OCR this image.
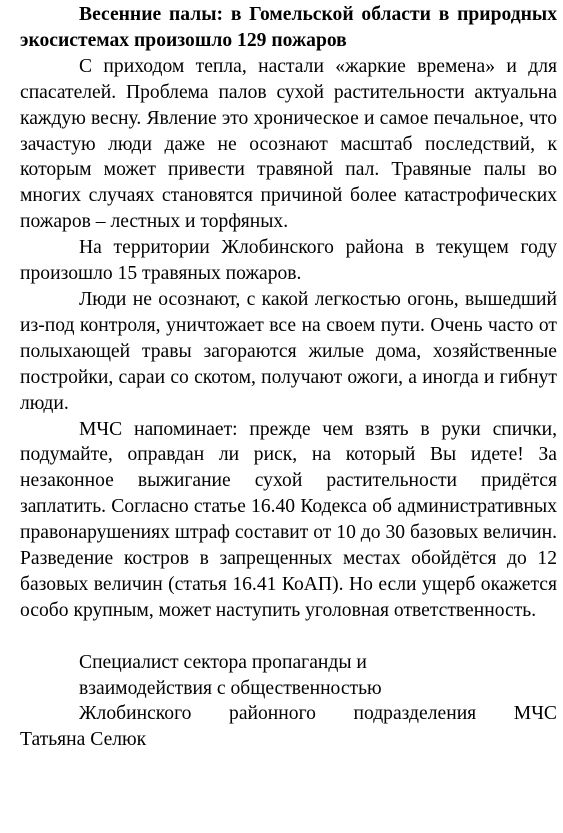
Весенние палы: в Гомельской области в природных экосистемах произошло 129 пожаров

С приходом тепла, настали «жаркие времена» и для спасателей. Проблема палов сухой растительности актуальна каждую весну. Явление это хроническое и самое печальное, что зачастую люди даже не осознают масштаб последствий, к которым может привести травяной пал. Травяные палы во многих случаях становятся причиной более катастрофических пожаров – лестных и торфяных.

На территории Жлобинского района в текущем году произошло 15 травяных пожаров.

Люди не осознают, с какой легкостью огонь, вышедший из-под контроля, уничтожает все на своем пути. Очень часто от полыхающей травы загораются жилые дома, хозяйственные постройки, сараи со скотом, получают ожоги, а иногда и гибнут люди.

МЧС напоминает: прежде чем взять в руки спички, подумайте, оправдан ли риск, на который Вы идете! За незаконное выжигание сухой растительности придётся заплатить. Согласно статье 16.40 Кодекса об административных правонарушениях штраф составит от 10 до 30 базовых величин. Разведение костров в запрещенных местах обойдётся до 12 базовых величин (статья 16.41 КоАП). Но если ущерб окажется особо крупным, может наступить уголовная ответственность.

Специалист сектора пропаганды и

взаимодействия с общественностью

Жлобинского районного подразделения МЧС

Татьяна Селюк
